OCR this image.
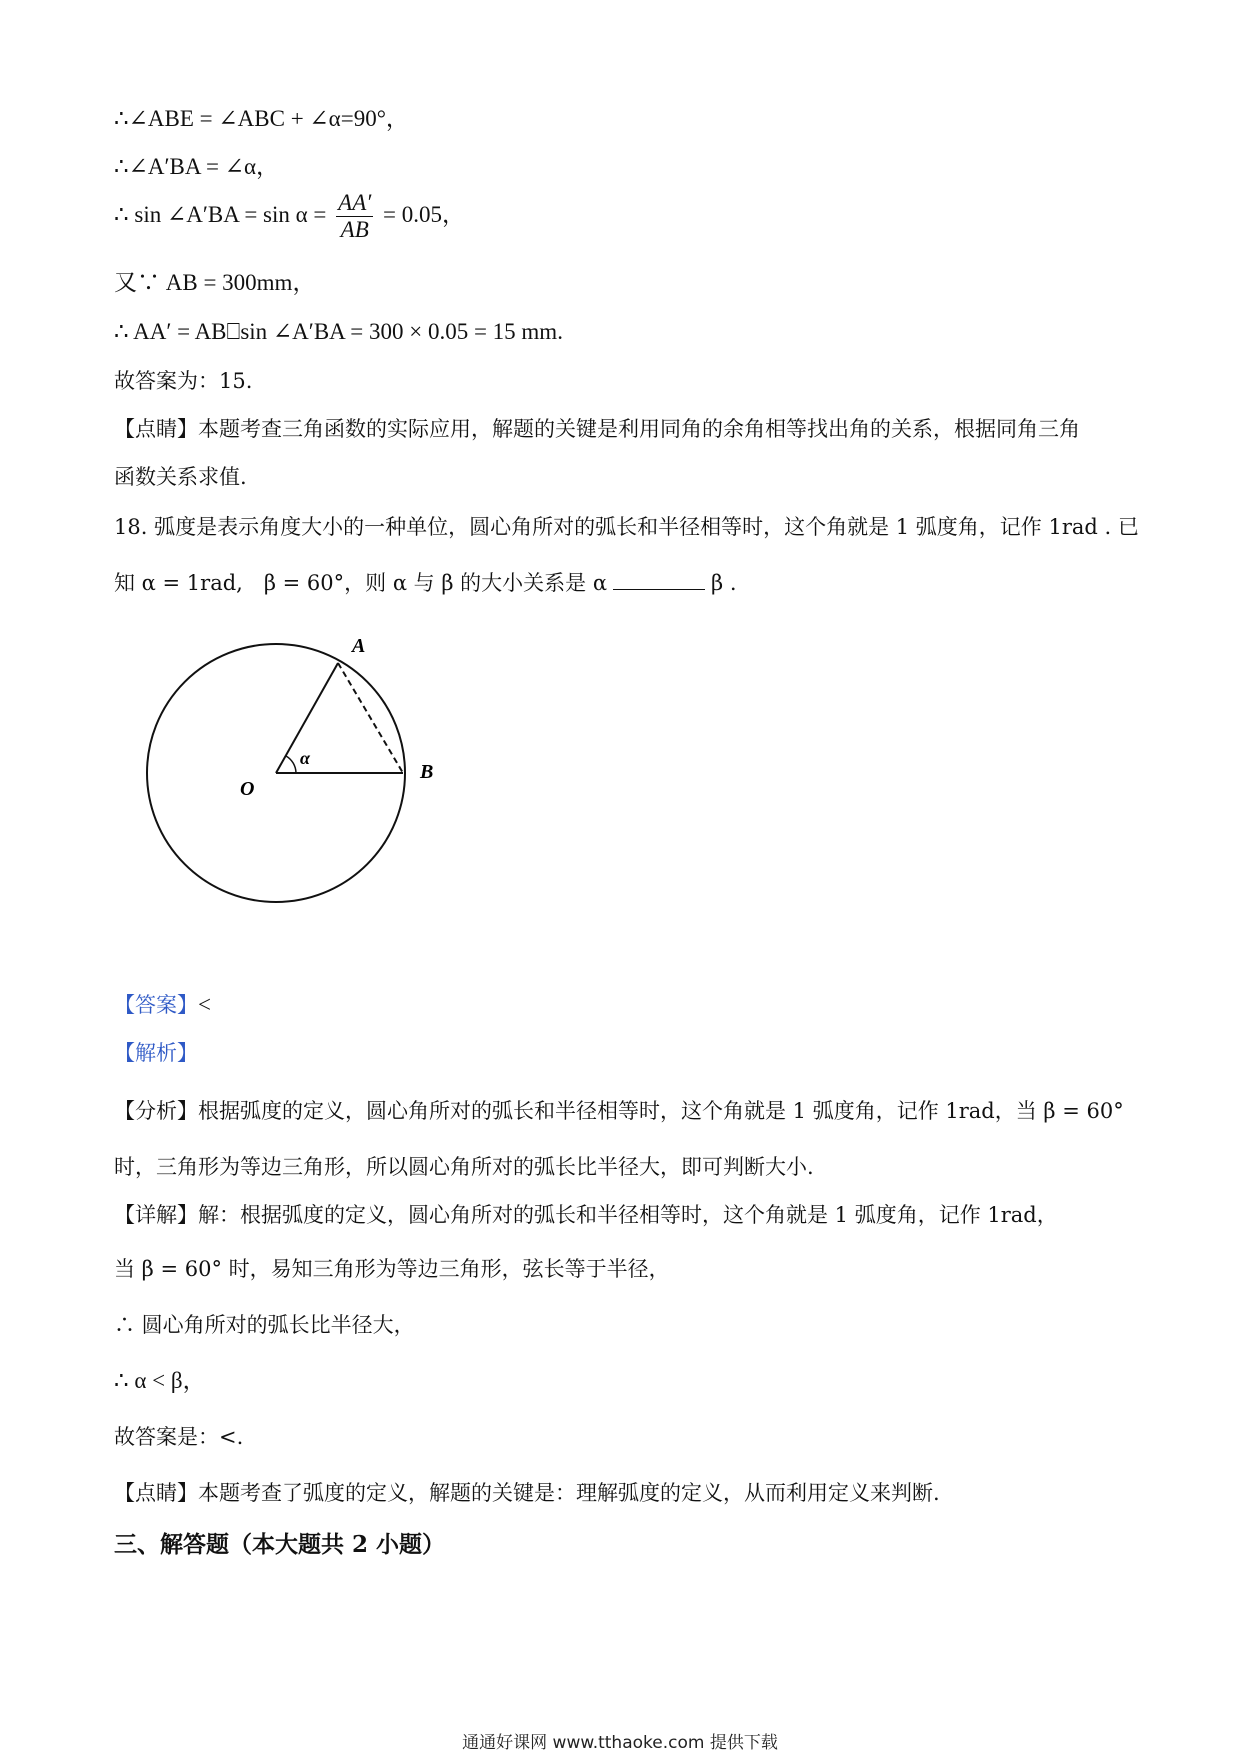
∴∠ABE = ∠ABC + ∠α=90°，
∴∠A′BA = ∠α，
∴ sin ∠A′BA = $\sin \alpha = \frac{AA'}{AB} = 0.05$，
又∵ AB = 300mm，
∴ AA′ = AB⎕sin ∠A′BA = 300 × 0.05 = 15 mm.
故答案为：15.
【点睛】本题考查三角函数的实际应用，解题的关键是利用同角的余角相等找出角的关系，根据同角三角
函数关系求值.
18. 弧度是表示角度大小的一种单位，圆心角所对的弧长和半径相等时，这个角就是 1 弧度角，记作 1rad . 已
知 α = 1rad,　β = 60°，则 α 与 β 的大小关系是 α	β .
A
B
O
α
【答案】<
【解析】
【分析】根据弧度的定义，圆心角所对的弧长和半径相等时，这个角就是 1 弧度角，记作 1rad，当 β = 60°
时，三角形为等边三角形，所以圆心角所对的弧长比半径大，即可判断大小.
【详解】解：根据弧度的定义，圆心角所对的弧长和半径相等时，这个角就是 1 弧度角，记作 1rad，
当 β = 60° 时，易知三角形为等边三角形，弦长等于半径，
∴ 圆心角所对的弧长比半径大，
∴ α < β，
故答案是：<.
【点睛】本题考查了弧度的定义，解题的关键是：理解弧度的定义，从而利用定义来判断.
三、解答题（本大题共 2 小题）
通通好课网 www.tthaoke.com 提供下载
